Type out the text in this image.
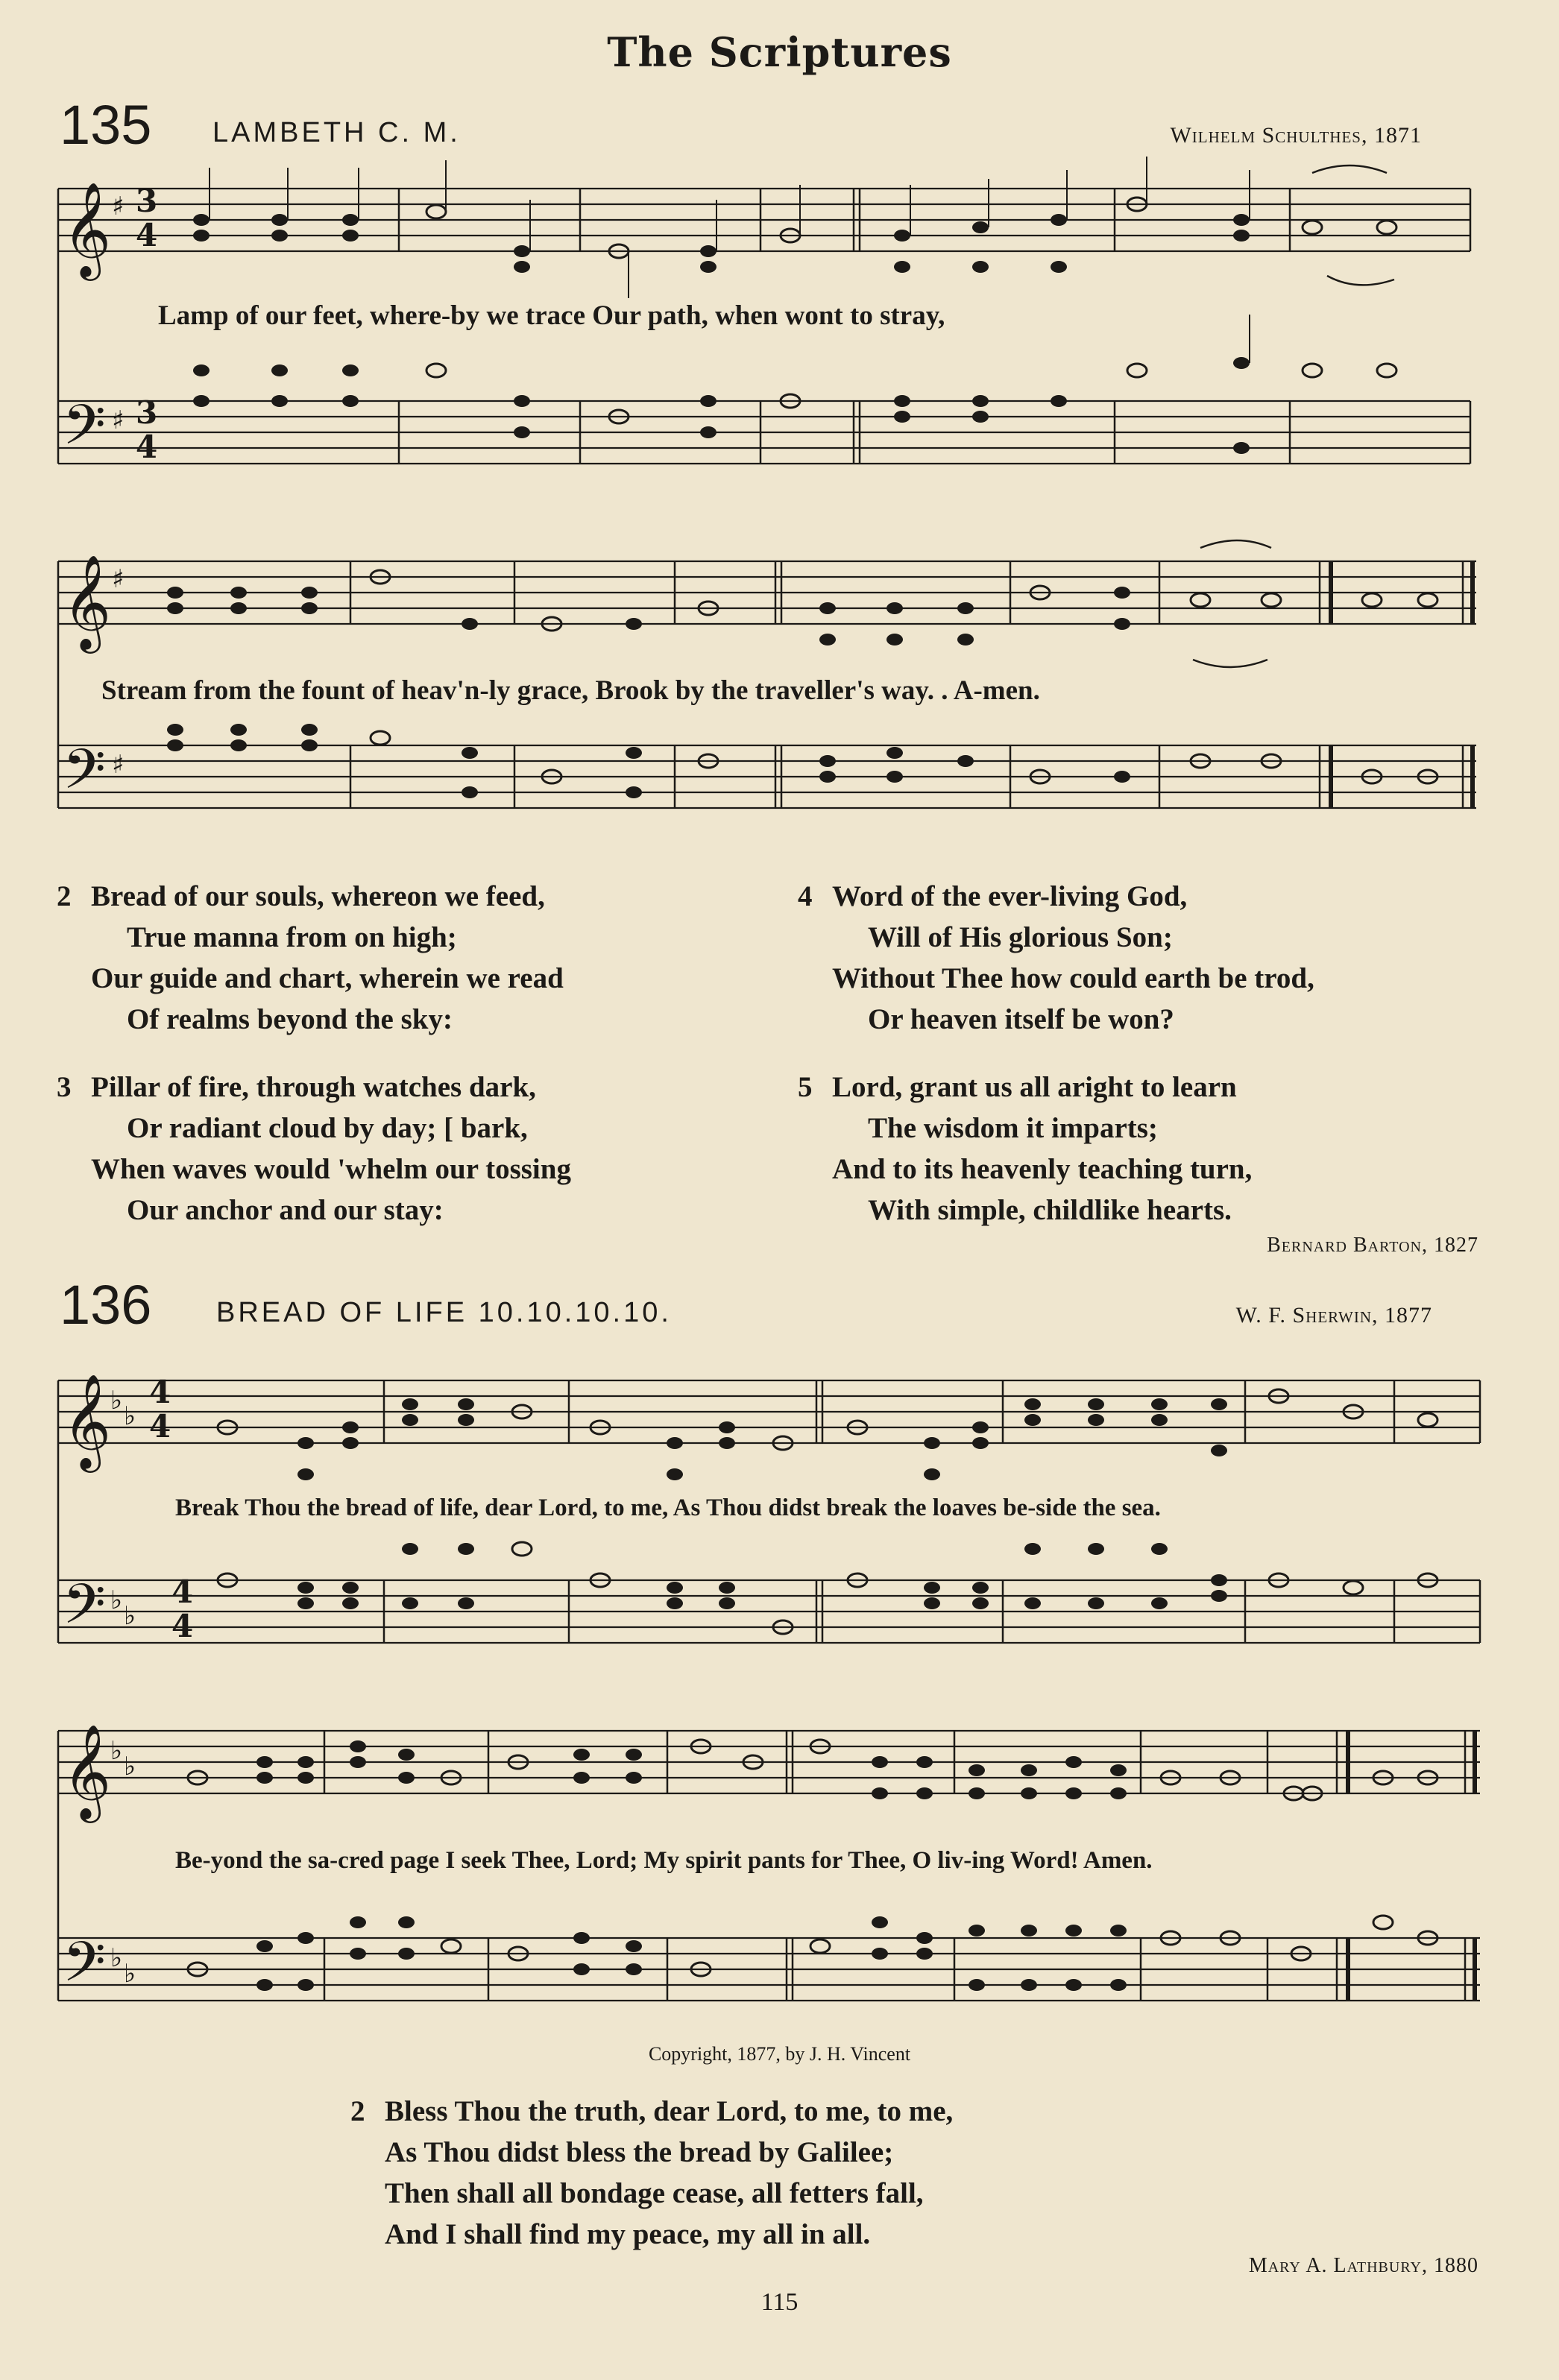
The Scriptures
135 LAMBETH C. M.	Wilhelm Schulthes, 1871
𝄞
𝄢
3
4
3
4
♯
♯
𝄞
𝄢
♯
♯
Lamp of our feet, where-by we trace Our path, when wont to stray,
Stream from the fount of heav'n-ly grace, Brook by the traveller's way. . A-men.
2 Bread of our souls, whereon we feed,
True manna from on high;
Our guide and chart, wherein we read
Of realms beyond the sky:
3 Pillar of fire, through watches dark,
Or radiant cloud by day; [ bark,
When waves would 'whelm our tossing
Our anchor and our stay:
4 Word of the ever-living God,
Will of His glorious Son;
Without Thee how could earth be trod,
Or heaven itself be won?
5 Lord, grant us all aright to learn
The wisdom it imparts;
And to its heavenly teaching turn,
With simple, childlike hearts.
Bernard Barton, 1827
136 BREAD OF LIFE 10.10.10.10.	W. F. Sherwin, 1877
𝄞
𝄢
♭
♭
♭
♭
4
4
4
4
𝄞
𝄢
♭
♭
♭
♭
Break Thou the bread of life, dear Lord, to me, As Thou didst break the loaves be-side the sea.
Be-yond the sa-cred page I seek Thee, Lord; My spirit pants for Thee, O liv-ing Word! Amen.
Copyright, 1877, by J. H. Vincent
2 Bless Thou the truth, dear Lord, to me, to me,
As Thou didst bless the bread by Galilee;
Then shall all bondage cease, all fetters fall,
And I shall find my peace, my all in all.
Mary A. Lathbury, 1880
115
